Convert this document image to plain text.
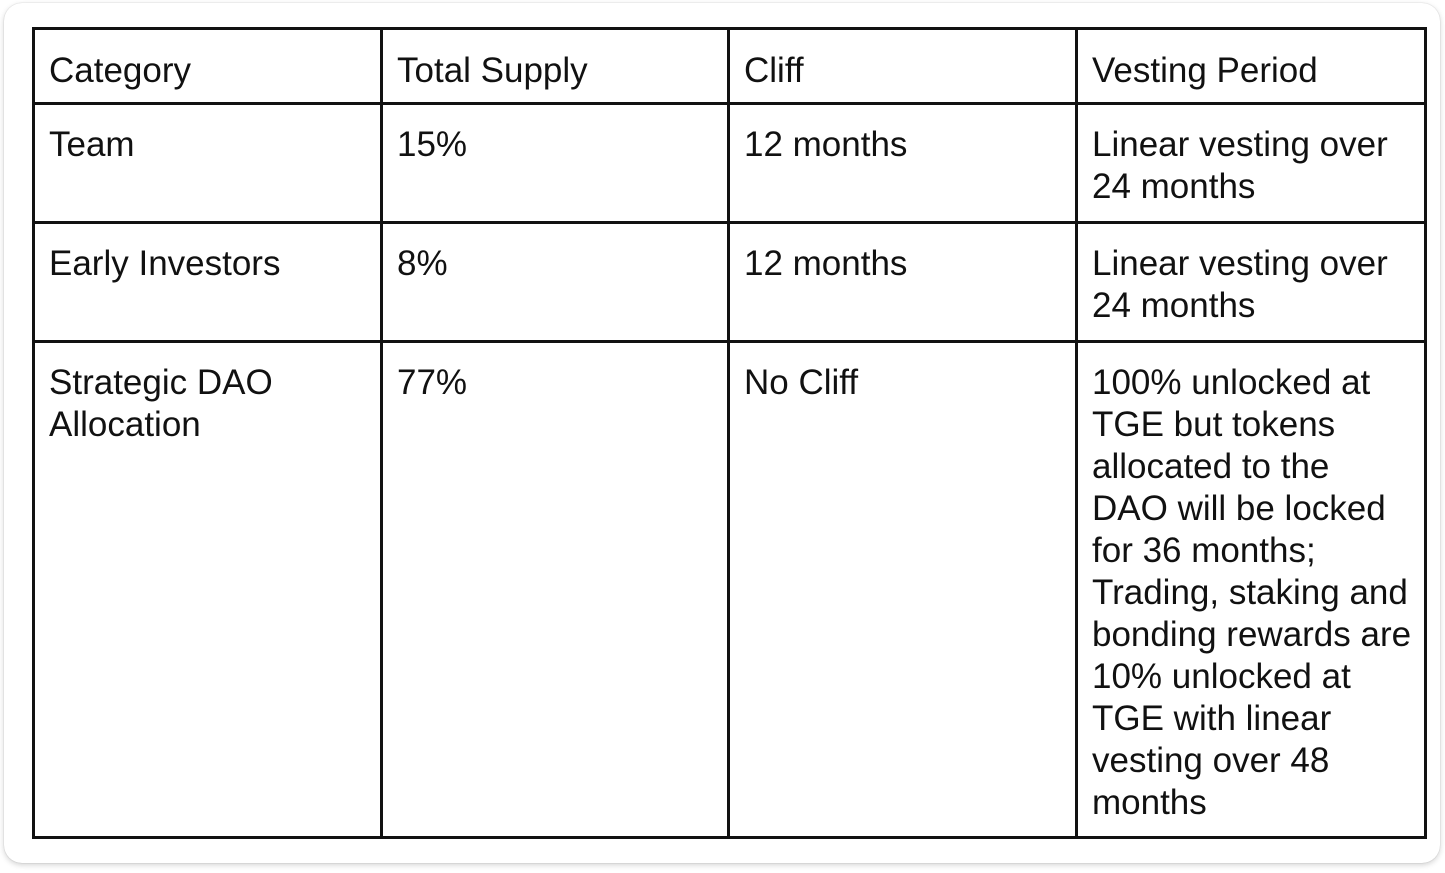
Category	Total Supply	Cliff	Vesting Period
Team	15%	12 months	Linear vesting over 24 months
Early Investors	8%	12 months	Linear vesting over 24 months
Strategic DAO Allocation	77%	No Cliff	100% unlocked at TGE but tokens allocated to the DAO will be locked for 36 months; Trading, staking and bonding rewards are 10% unlocked at TGE with linear vesting over 48 months
